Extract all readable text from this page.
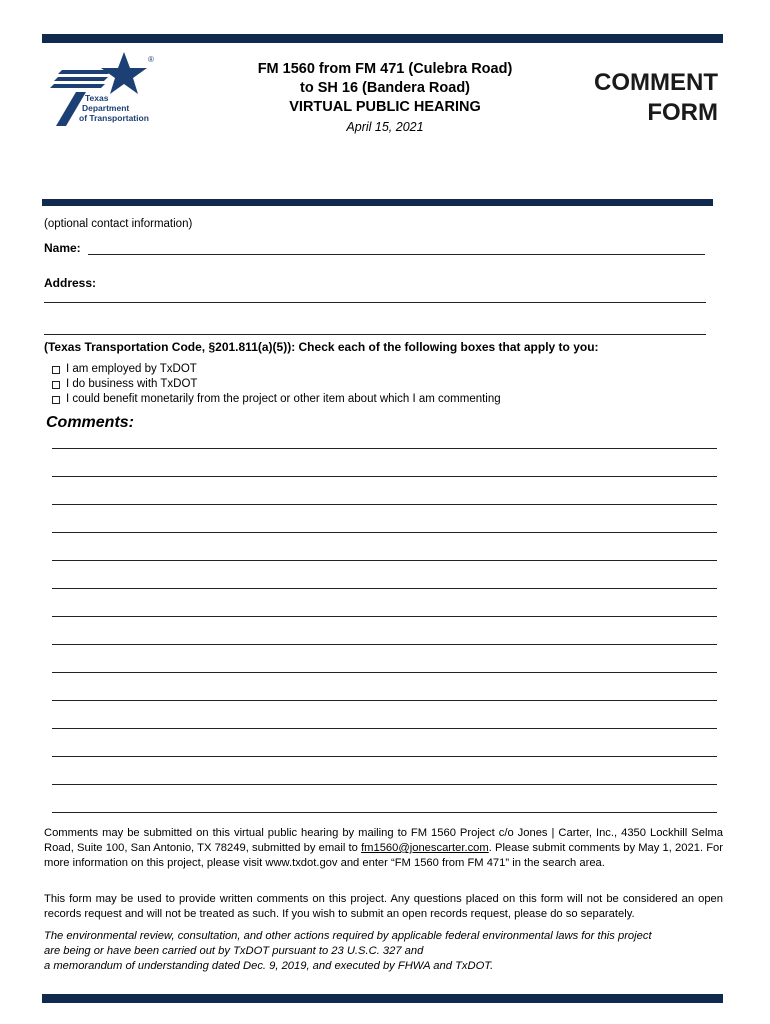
®
Texas
Department
of Transportation
FM 1560 from FM 471 (Culebra Road)
to SH 16 (Bandera Road)
VIRTUAL PUBLIC HEARING
April 15, 2021
COMMENT
FORM
(optional contact information)
Name:
Address:
(Texas Transportation Code, §201.811(a)(5)): Check each of the following boxes that apply to you:
I am employed by TxDOT
I do business with TxDOT
I could benefit monetarily from the project or other item about which I am commenting
Comments:
Comments may be submitted on this virtual public hearing by mailing to FM 1560 Project c/o Jones | Carter, Inc., 4350 Lockhill Selma Road, Suite 100, San Antonio, TX 78249, submitted by email to fm1560@jonescarter.com. Please submit comments by May 1, 2021. For more information on this project, please visit www.txdot.gov and enter “FM 1560 from FM 471” in the search area.
This form may be used to provide written comments on this project. Any questions placed on this form will not be considered an open records request and will not be treated as such. If you wish to submit an open records request, please do so separately.
The environmental review, consultation, and other actions required by applicable federal environmental laws for this project
are being or have been carried out by TxDOT pursuant to 23 U.S.C. 327 and
a memorandum of understanding dated Dec. 9, 2019, and executed by FHWA and TxDOT.
